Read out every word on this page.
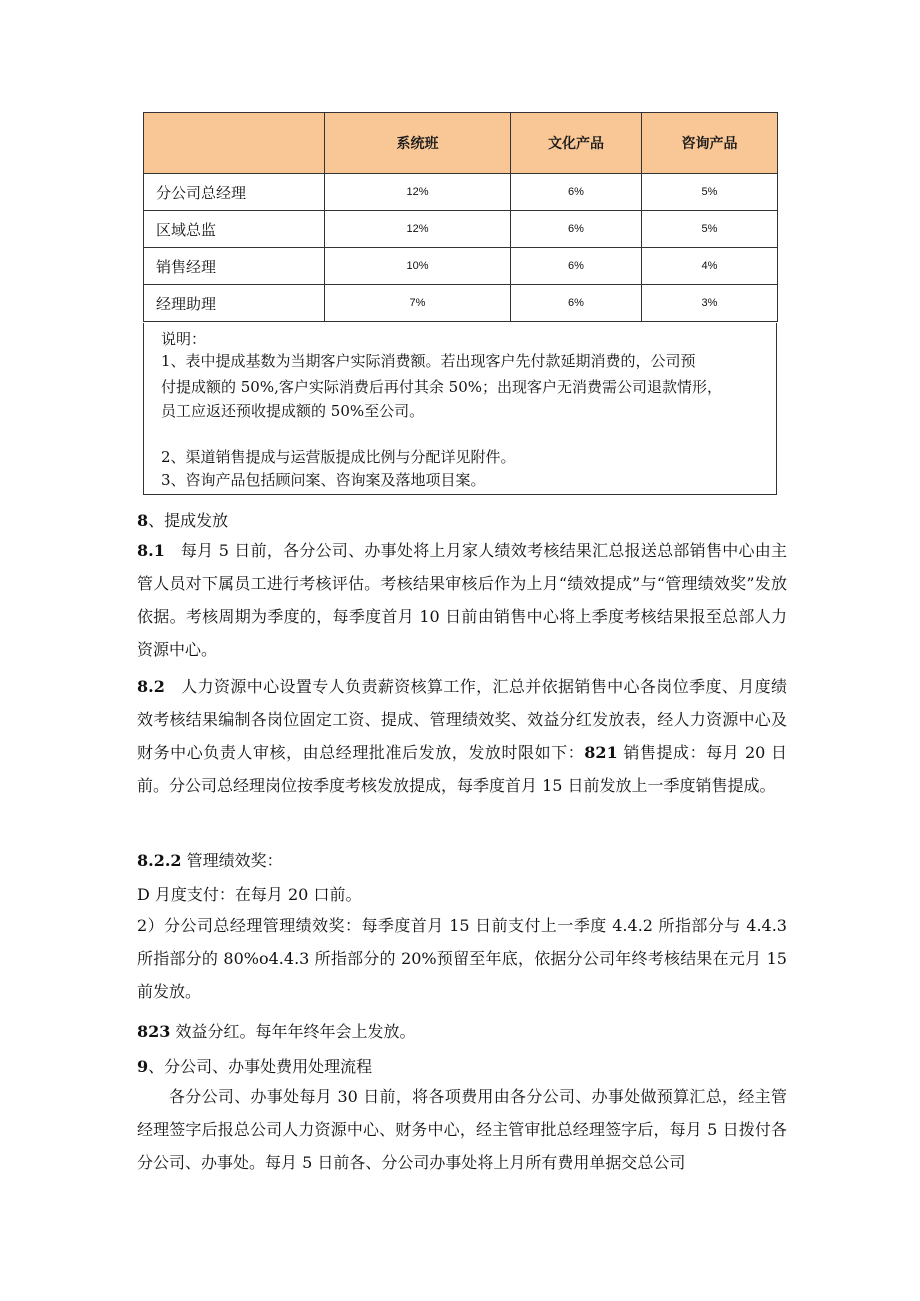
	系统班	文化产品	咨询产品
分公司总经理	12%	6%	5%
区域总监	12%	6%	5%
销售经理	10%	6%	4%
经理助理	7%	6%	3%
说明：
1、表中提成基数为当期客户实际消费额。若出现客户先付款延期消费的，公司预
付提成额的 50%,客户实际消费后再付其余 50%；出现客户无消费需公司退款情形，
员工应返还预收提成额的 50%至公司。
2、渠道销售提成与运营版提成比例与分配详见附件。
3、咨询产品包括顾问案、咨询案及落地项目案。
8、提成发放
8.1 每月 5 日前，各分公司、办事处将上月家人绩效考核结果汇总报送总部销售中心由主管人员对下属员工进行考核评估。考核结果审核后作为上月“绩效提成”与“管理绩效奖”发放依据。考核周期为季度的，每季度首月 10 日前由销售中心将上季度考核结果报至总部人力资源中心。
8.2 人力资源中心设置专人负责薪资核算工作，汇总并依据销售中心各岗位季度、月度绩效考核结果编制各岗位固定工资、提成、管理绩效奖、效益分红发放表，经人力资源中心及财务中心负责人审核，由总经理批准后发放，发放时限如下：821 销售提成：每月 20 日前。分公司总经理岗位按季度考核发放提成，每季度首月 15 日前发放上一季度销售提成。
8.2.2 管理绩效奖：
D 月度支付：在每月 20 口前。
2）分公司总经理管理绩效奖：每季度首月 15 日前支付上一季度 4.4.2 所指部分与 4.4.3 所指部分的 80%o4.4.3 所指部分的 20%预留至年底，依据分公司年终考核结果在元月 15 前发放。
823 效益分红。每年年终年会上发放。
9、分公司、办事处费用处理流程
各分公司、办事处每月 30 日前，将各项费用由各分公司、办事处做预算汇总，经主管经理签字后报总公司人力资源中心、财务中心，经主管审批总经理签字后，每月 5 日拨付各分公司、办事处。每月 5 日前各、分公司办事处将上月所有费用单据交总公司
